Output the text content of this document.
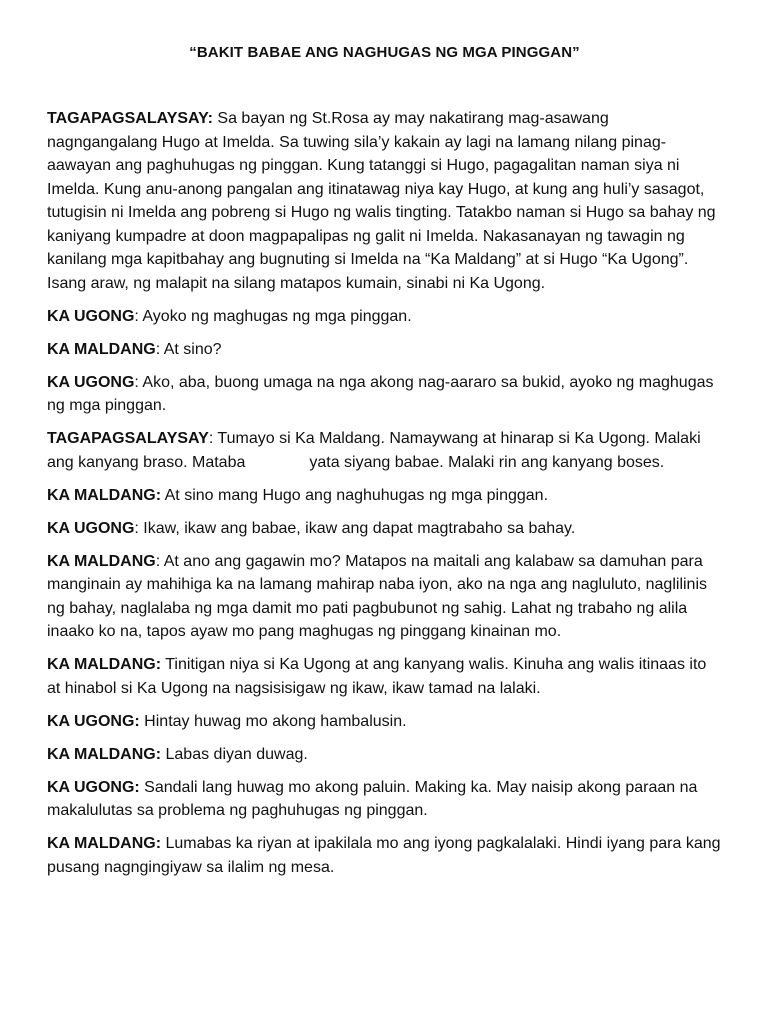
“BAKIT BABAE ANG NAGHUGAS NG MGA PINGGAN”

TAGAPAGSALAYSAY: Sa bayan ng St.Rosa ay may nakatirang mag-asawang nagngangalang Hugo at Imelda. Sa tuwing sila’y kakain ay lagi na lamang nilang pinag-aawayan ang paghuhugas ng pinggan. Kung tatanggi si Hugo, pagagalitan naman siya ni Imelda. Kung anu-anong pangalan ang itinatawag niya kay Hugo, at kung ang huli’y sasagot, tutugisin ni Imelda ang pobreng si Hugo ng walis tingting. Tatakbo naman si Hugo sa bahay ng kaniyang kumpadre at doon magpapalipas ng galit ni Imelda. Nakasanayan ng tawagin ng kanilang mga kapitbahay ang bugnuting si Imelda na “Ka Maldang” at si Hugo “Ka Ugong”. Isang araw, ng malapit na silang matapos kumain, sinabi ni Ka Ugong.

KA UGONG: Ayoko ng maghugas ng mga pinggan.

KA MALDANG: At sino?

KA UGONG: Ako, aba, buong umaga na nga akong nag-aararo sa bukid, ayoko ng maghugas ng mga pinggan.

TAGAPAGSALAYSAY: Tumayo si Ka Maldang. Namaywang at hinarap si Ka Ugong. Malaki ang kanyang braso. Mataba	yata siyang babae. Malaki rin ang kanyang boses.

KA MALDANG: At sino mang Hugo ang naghuhugas ng mga pinggan.

KA UGONG: Ikaw, ikaw ang babae, ikaw ang dapat magtrabaho sa bahay.

KA MALDANG: At ano ang gagawin mo? Matapos na maitali ang kalabaw sa damuhan para manginain ay mahihiga ka na lamang mahirap naba iyon, ako na nga ang nagluluto, naglilinis ng bahay, naglalaba ng mga damit mo pati pagbubunot ng sahig. Lahat ng trabaho ng alila inaako ko na, tapos ayaw mo pang maghugas ng pinggang kinainan mo.

KA MALDANG: Tinitigan niya si Ka Ugong at ang kanyang walis. Kinuha ang walis itinaas ito at hinabol si Ka Ugong na nagsisisigaw ng ikaw, ikaw tamad na lalaki.

KA UGONG: Hintay huwag mo akong hambalusin.

KA MALDANG: Labas diyan duwag.

KA UGONG: Sandali lang huwag mo akong paluin. Making ka. May naisip akong paraan na makalulutas sa problema ng paghuhugas ng pinggan.

KA MALDANG: Lumabas ka riyan at ipakilala mo ang iyong pagkalalaki. Hindi iyang para kang pusang nagngingiyaw sa ilalim ng mesa.
